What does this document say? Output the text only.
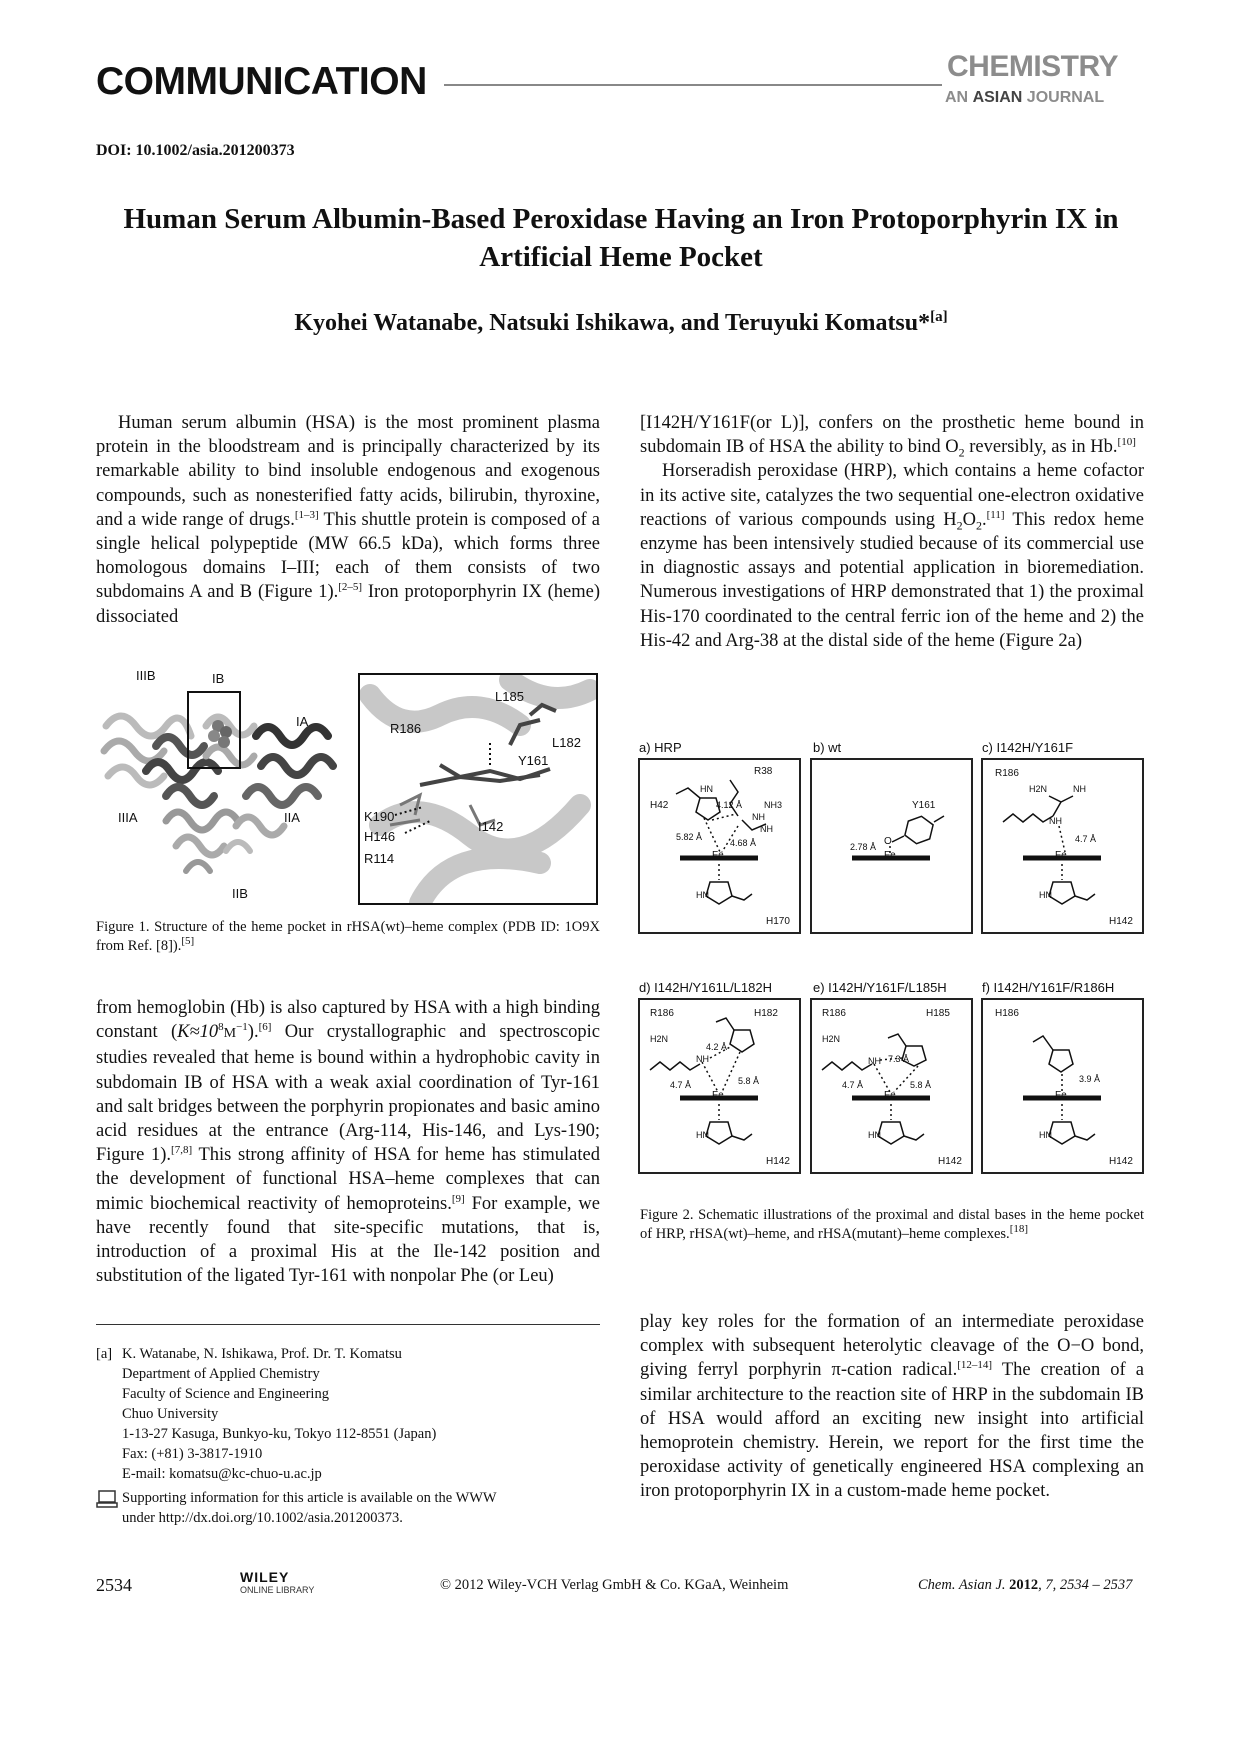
COMMUNICATION	CHEMISTRY
AN ASIAN JOURNAL
DOI: 10.1002/asia.201200373
Human Serum Albumin-Based Peroxidase Having an Iron Protoporphyrin IX in Artificial Heme Pocket
Kyohei Watanabe, Natsuki Ishikawa, and Teruyuki Komatsu*[a]

Human serum albumin (HSA) is the most prominent plasma protein in the bloodstream and is principally characterized by its remarkable ability to bind insoluble endogenous and exogenous compounds, such as nonesterified fatty acids, bilirubin, thyroxine, and a wide range of drugs.[1–3] This shuttle protein is composed of a single helical polypeptide (MW 66.5 kDa), which forms three homologous domains I–III; each of them consists of two subdomains A and B (Figure 1).[2–5] Iron protoporphyrin IX (heme) dissociated

IIIB	IB
IA
IIIA	IIA
IIB
L185
R186
L182
Y161
K190
H146
R114
I142
Figure 1. Structure of the heme pocket in rHSA(wt)–heme complex (PDB ID: 1O9X from Ref. [8]).[5]

from hemoglobin (Hb) is also captured by HSA with a high binding constant $(K\approx 10^8M^{-1}).[6]$ Our crystallographic and spectroscopic studies revealed that heme is bound within a hydrophobic cavity in subdomain IB of HSA with a weak axial coordination of Tyr-161 and salt bridges between the porphyrin propionates and basic amino acid residues at the entrance (Arg-114, His-146, and Lys-190; Figure 1).[7,8] This strong affinity of HSA for heme has stimulated the development of functional HSA–heme complexes that can mimic biochemical reactivity of hemoproteins.[9] For example, we have recently found that site-specific mutations, that is, introduction of a proximal His at the Ile-142 position and substitution of the ligated Tyr-161 with nonpolar Phe (or Leu)

[a] K. Watanabe, N. Ishikawa, Prof. Dr. T. Komatsu
Department of Applied Chemistry
Faculty of Science and Engineering
Chuo University
1-13-27 Kasuga, Bunkyo-ku, Tokyo 112-8551 (Japan)
Fax: (+81) 3-3817-1910
E-mail: komatsu@kc-chuo-u.ac.jp
Supporting information for this article is available on the WWW
under http://dx.doi.org/10.1002/asia.201200373.

[I142H/Y161F(or L)], confers on the prosthetic heme bound in subdomain IB of HSA the ability to bind $O_2$ reversibly, as in Hb.[10]

Horseradish peroxidase (HRP), which contains a heme cofactor in its active site, catalyzes the two sequential one-electron oxidative reactions of various compounds using $H_2O_2.[11]$ This redox heme enzyme has been intensively studied because of its commercial use in diagnostic assays and potential application in bioremediation. Numerous investigations of HRP demonstrated that 1) the proximal His-170 coordinated to the central ferric ion of the heme and 2) the His-42 and Arg-38 at the distal side of the heme (Figure 2a)

a) HRP	b) wt	c) I142H/Y161F
R38
H42	4.12 Å
5.82 Å
4.68 Å
HN
NH
NH
NH3
HN
Fe
H170
Y161
2.78 Å O
Fe
R186
H2N	NH
NH
4.7 Å
Fe
HN
H142
d) I142H/Y161L/L182H	e) I142H/Y161F/L185H	f) I142H/Y161F/R186H
R186	H182
H2N
NH
4.2 Å
4.7 Å	5.8 Å
Fe
HN
H142
R186	H185
H2N
NH 7.3 Å
4.7 Å	5.8 Å
Fe
HN
H142
H186
3.9 Å
Fe
HN
H142
Figure 2. Schematic illustrations of the proximal and distal bases in the heme pocket of HRP, rHSA(wt)–heme, and rHSA(mutant)–heme complexes.[18]

play key roles for the formation of an intermediate peroxidase complex with subsequent heterolytic cleavage of the O−O bond, giving ferryl porphyrin π-cation radical.[12–14] The creation of a similar architecture to the reaction site of HRP in the subdomain IB of HSA would afford an exciting new insight into artificial hemoprotein chemistry. Herein, we report for the first time the peroxidase activity of genetically engineered HSA complexing an iron protoporphyrin IX in a custom-made heme pocket.

2534	WILEY
ONLINE LIBRARY	© 2012 Wiley-VCH Verlag GmbH & Co. KGaA, Weinheim	Chem. Asian J. 2012, 7, 2534 – 2537
